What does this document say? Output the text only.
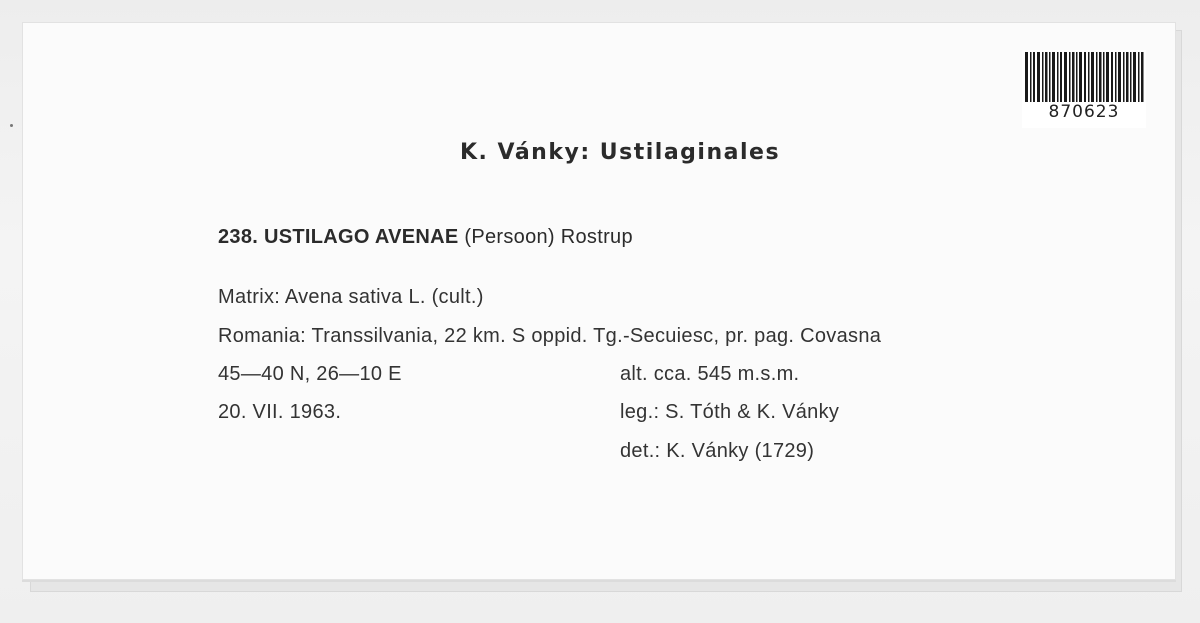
870623
K. Vánky: Ustilaginales
238. USTILAGO AVENAE (Persoon) Rostrup
Matrix: Avena sativa L. (cult.)
Romania: Transsilvania, 22 km. S oppid. Tg.-Secuiesc, pr. pag. Covasna
45—40 N, 26—10 E	alt. cca. 545 m.s.m.
20. VII. 1963.	leg.: S. Tóth & K. Vánky
det.: K. Vánky (1729)
